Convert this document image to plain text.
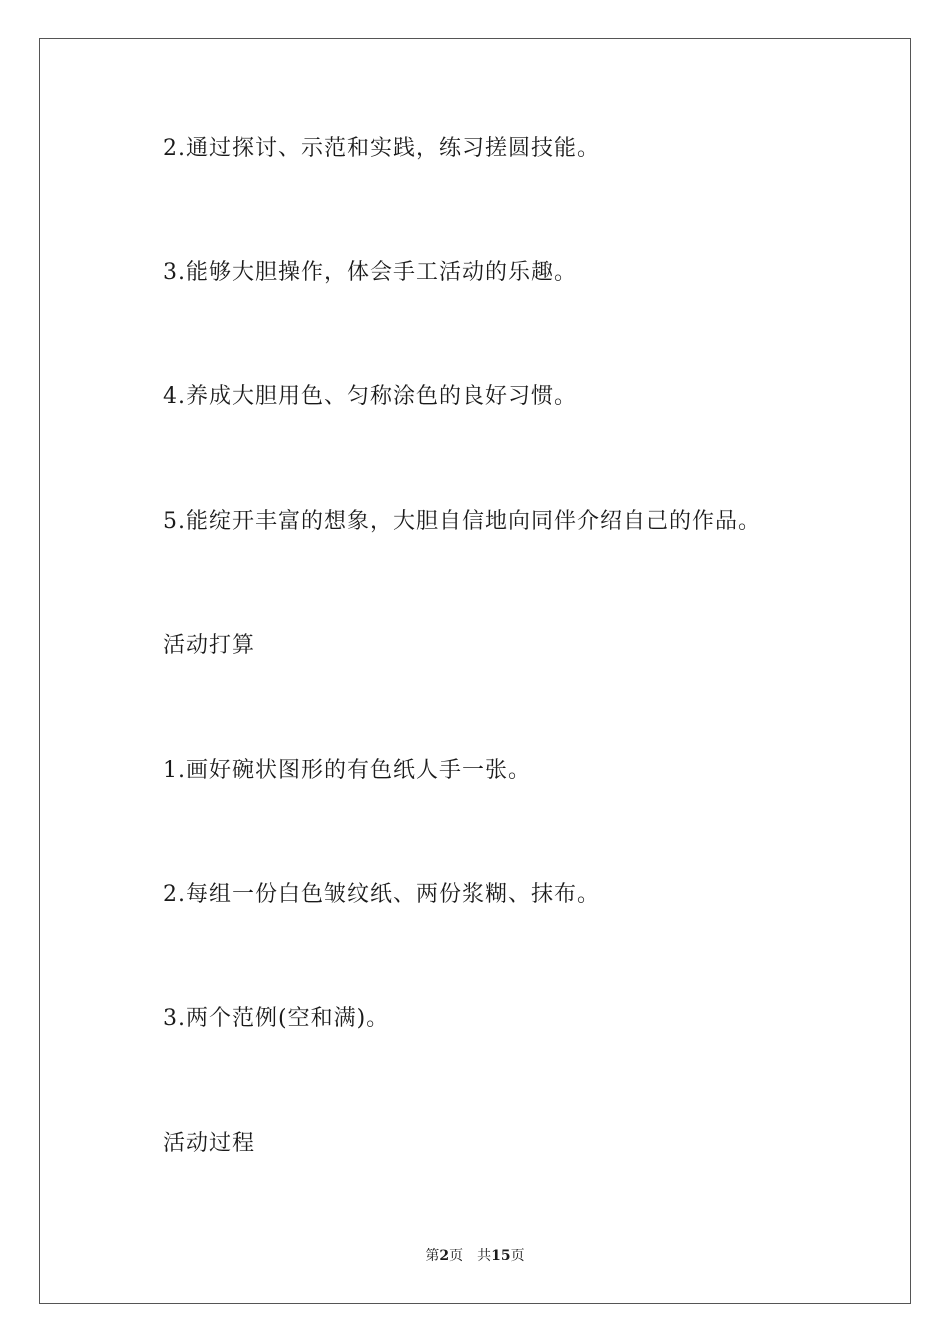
2.通过探讨、示范和实践，练习搓圆技能。
3.能够大胆操作，体会手工活动的乐趣。
4.养成大胆用色、匀称涂色的良好习惯。
5.能绽开丰富的想象，大胆自信地向同伴介绍自己的作品。
活动打算
1.画好碗状图形的有色纸人手一张。
2.每组一份白色皱纹纸、两份浆糊、抹布。
3.两个范例(空和满)。
活动过程
第2页 共15页
